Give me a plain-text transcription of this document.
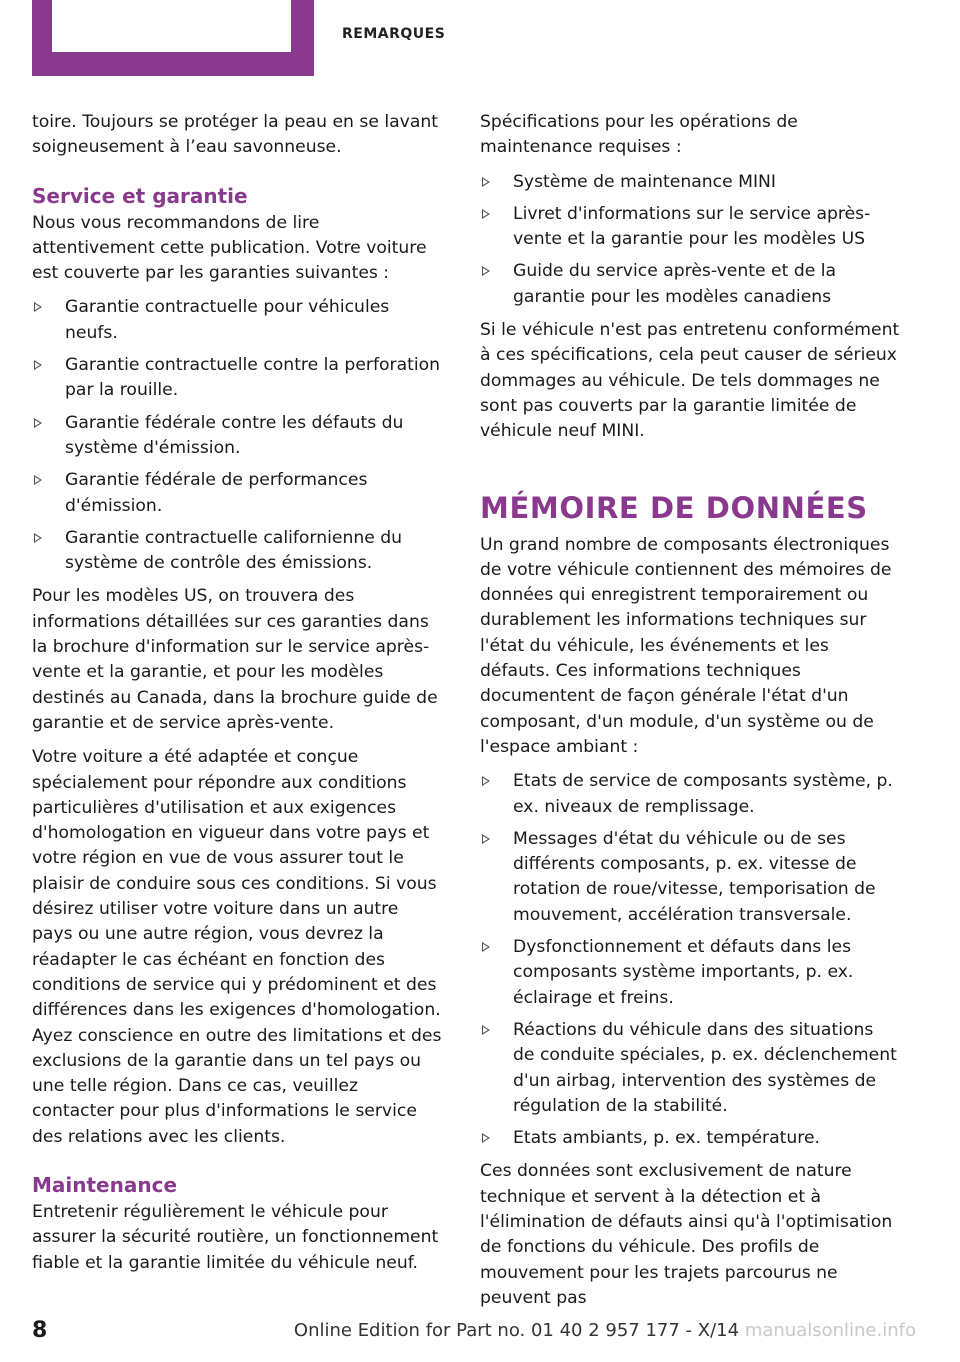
REMARQUES

toire. Toujours se protéger la peau en se lavant soigneusement à l’eau savonneuse.

Service et garantie

Nous vous recommandons de lire attentivement cette publication. Votre voiture est couverte par les garanties suivantes :

Garantie contractuelle pour véhicules neufs.
Garantie contractuelle contre la perforation par la rouille.
Garantie fédérale contre les défauts du système d'émission.
Garantie fédérale de performances d'émission.
Garantie contractuelle californienne du système de contrôle des émissions.

Pour les modèles US, on trouvera des informations détaillées sur ces garanties dans la brochure d'information sur le service après-vente et la garantie, et pour les modèles destinés au Canada, dans la brochure guide de garantie et de service après-vente.

Votre voiture a été adaptée et conçue spécialement pour répondre aux conditions particulières d'utilisation et aux exigences d'homologation en vigueur dans votre pays et votre région en vue de vous assurer tout le plaisir de conduire sous ces conditions. Si vous désirez utiliser votre voiture dans un autre pays ou une autre région, vous devrez la réadapter le cas échéant en fonction des conditions de service qui y prédominent et des différences dans les exigences d'homologation. Ayez conscience en outre des limitations et des exclusions de la garantie dans un tel pays ou une telle région. Dans ce cas, veuillez contacter pour plus d'informations le service des relations avec les clients.

Maintenance

Entretenir régulièrement le véhicule pour assurer la sécurité routière, un fonctionnement fiable et la garantie limitée du véhicule neuf.

Spécifications pour les opérations de maintenance requises :

Système de maintenance MINI
Livret d'informations sur le service après-vente et la garantie pour les modèles US
Guide du service après-vente et de la garantie pour les modèles canadiens

Si le véhicule n'est pas entretenu conformément à ces spécifications, cela peut causer de sérieux dommages au véhicule. De tels dommages ne sont pas couverts par la garantie limitée de véhicule neuf MINI.

MÉMOIRE DE DONNÉES

Un grand nombre de composants électroniques de votre véhicule contiennent des mémoires de données qui enregistrent temporairement ou durablement les informations techniques sur l'état du véhicule, les événements et les défauts. Ces informations techniques documentent de façon générale l'état d'un composant, d'un module, d'un système ou de l'espace ambiant :

Etats de service de composants système, p. ex. niveaux de remplissage.
Messages d'état du véhicule ou de ses différents composants, p. ex. vitesse de rotation de roue/vitesse, temporisation de mouvement, accélération transversale.
Dysfonctionnement et défauts dans les composants système importants, p. ex. éclairage et freins.
Réactions du véhicule dans des situations de conduite spéciales, p. ex. déclenchement d'un airbag, intervention des systèmes de régulation de la stabilité.
Etats ambiants, p. ex. température.

Ces données sont exclusivement de nature technique et servent à la détection et à l'élimination de défauts ainsi qu'à l'optimisation de fonctions du véhicule. Des profils de mouvement pour les trajets parcourus ne peuvent pas

8	Online Edition for Part no. 01 40 2 957 177 - X/14 manualsonline.info
